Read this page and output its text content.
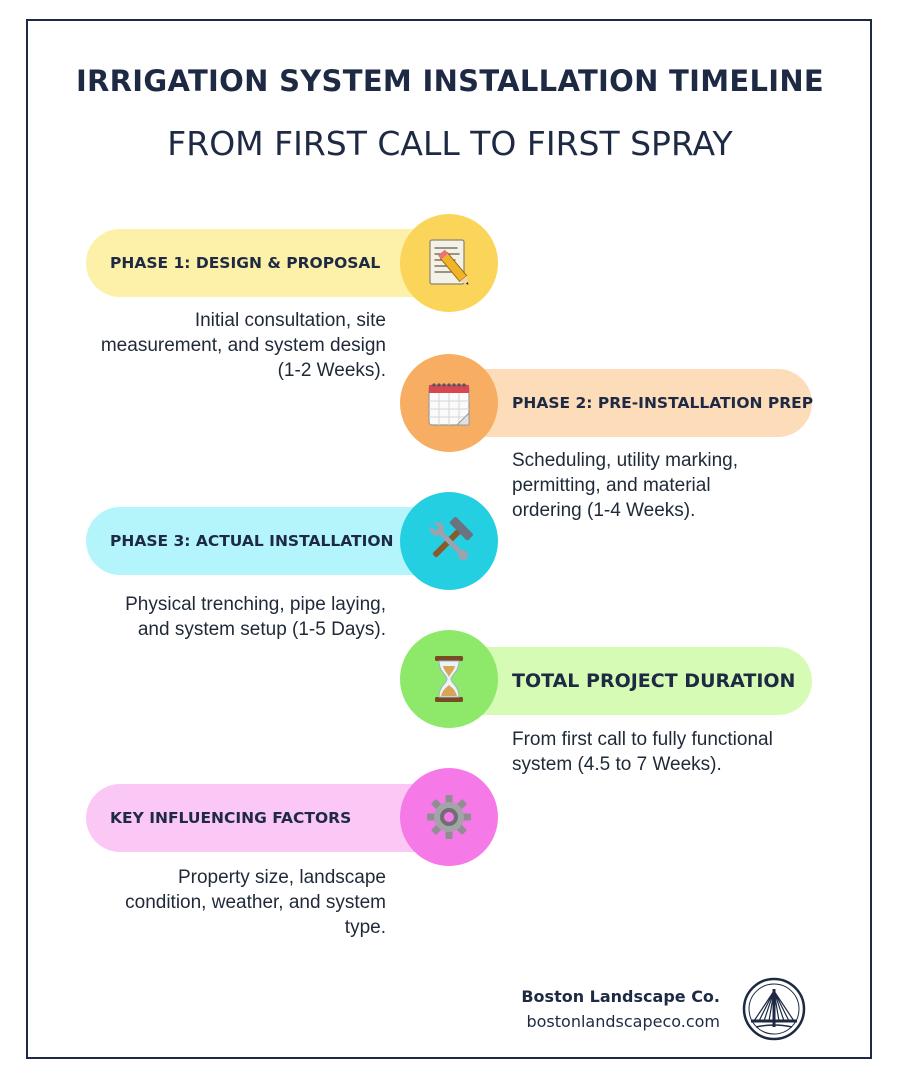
IRRIGATION SYSTEM INSTALLATION TIMELINE
FROM FIRST CALL TO FIRST SPRAY
PHASE 1: DESIGN & PROPOSAL
Initial consultation, site measurement, and system design (1-2 Weeks).
PHASE 2: PRE-INSTALLATION PREP
Scheduling, utility marking, permitting, and material ordering (1-4 Weeks).
PHASE 3: ACTUAL INSTALLATION
Physical trenching, pipe laying, and system setup (1-5 Days).
TOTAL PROJECT DURATION
From first call to fully functional system (4.5 to 7 Weeks).
KEY INFLUENCING FACTORS
Property size, landscape condition, weather, and system type.
Boston Landscape Co.
bostonlandscapeco.com
